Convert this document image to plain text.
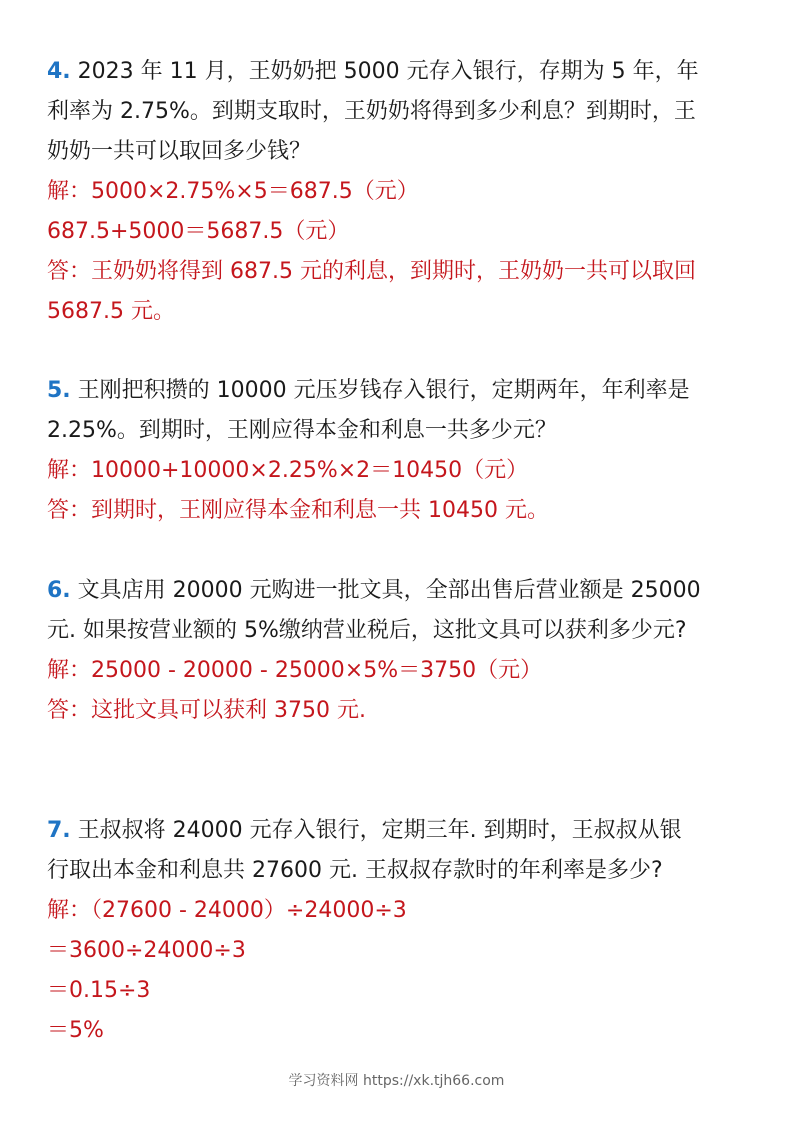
4. 2023 年 11 月，王奶奶把 5000 元存入银行，存期为 5 年，年
利率为 2.75%。到期支取时，王奶奶将得到多少利息？到期时，王
奶奶一共可以取回多少钱？
解：5000×2.75%×5＝687.5（元）
687.5+5000＝5687.5（元）
答：王奶奶将得到 687.5 元的利息，到期时，王奶奶一共可以取回
5687.5 元。
5. 王刚把积攒的 10000 元压岁钱存入银行，定期两年，年利率是
2.25%。到期时，王刚应得本金和利息一共多少元？
解：10000+10000×2.25%×2＝10450（元）
答：到期时，王刚应得本金和利息一共 10450 元。
6. 文具店用 20000 元购进一批文具，全部出售后营业额是 25000
元. 如果按营业额的 5%缴纳营业税后，这批文具可以获利多少元?
解：25000 - 20000 - 25000×5%＝3750（元）
答：这批文具可以获利 3750 元.
7. 王叔叔将 24000 元存入银行，定期三年. 到期时，王叔叔从银
行取出本金和利息共 27600 元. 王叔叔存款时的年利率是多少?
解：（27600 - 24000）÷24000÷3
＝3600÷24000÷3
＝0.15÷3
＝5%
学习资料网 https://xk.tjh66.com
